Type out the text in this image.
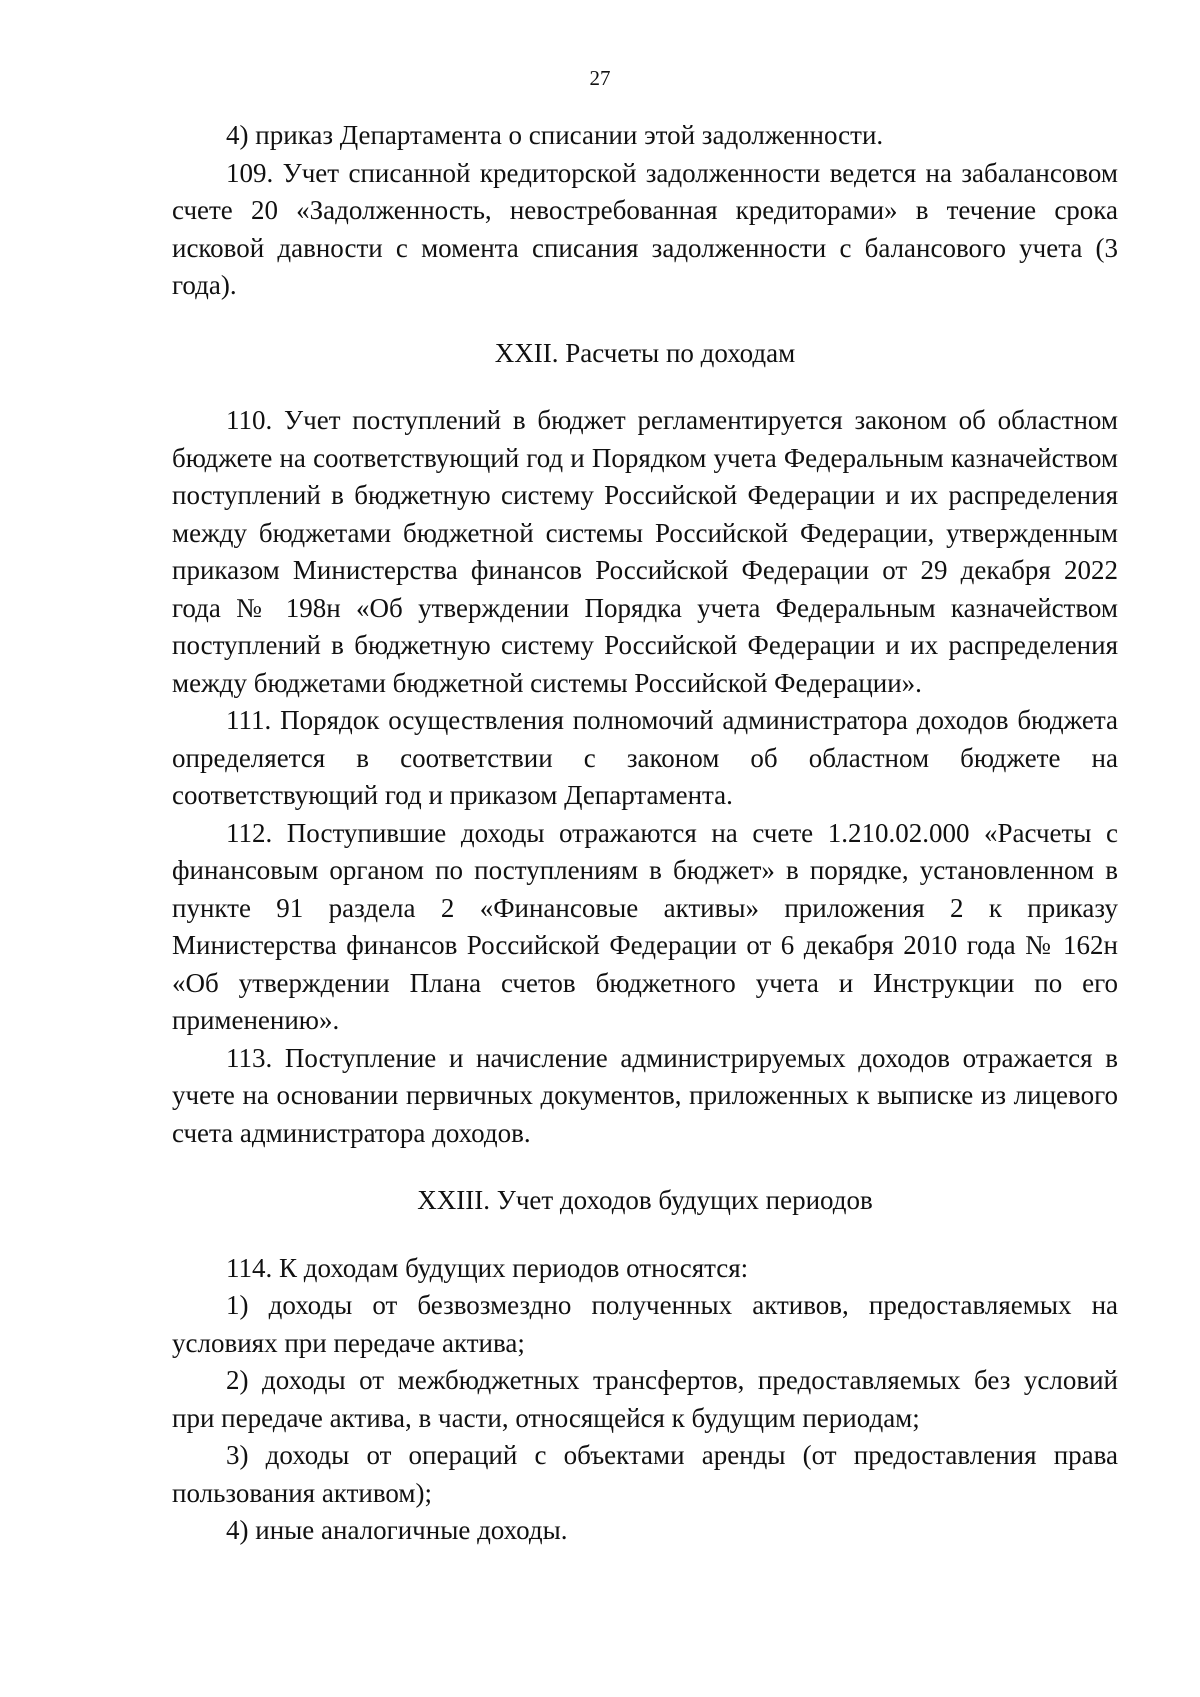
27

4) приказ Департамента о списании этой задолженности.

109. Учет списанной кредиторской задолженности ведется на забалансовом счете 20 «Задолженность, невостребованная кредиторами» в течение срока исковой давности с момента списания задолженности с балансового учета (3 года).

XXII. Расчеты по доходам

110. Учет поступлений в бюджет регламентируется законом об областном бюджете на соответствующий год и Порядком учета Федеральным казначейством поступлений в бюджетную систему Российской Федерации и их распределения между бюджетами бюджетной системы Российской Федерации, утвержденным приказом Министерства финансов Российской Федерации от 29 декабря 2022 года № 198н «Об утверждении Порядка учета Федеральным казначейством поступлений в бюджетную систему Российской Федерации и их распределения между бюджетами бюджетной системы Российской Федерации».

111. Порядок осуществления полномочий администратора доходов бюджета определяется в соответствии с законом об областном бюджете на соответствующий год и приказом Департамента.

112. Поступившие доходы отражаются на счете 1.210.02.000 «Расчеты с финансовым органом по поступлениям в бюджет» в порядке, установленном в пункте 91 раздела 2 «Финансовые активы» приложения 2 к приказу Министерства финансов Российской Федерации от 6 декабря 2010 года № 162н «Об утверждении Плана счетов бюджетного учета и Инструкции по его применению».

113. Поступление и начисление администрируемых доходов отражается в учете на основании первичных документов, приложенных к выписке из лицевого счета администратора доходов.

XXIII. Учет доходов будущих периодов

114. К доходам будущих периодов относятся:

1) доходы от безвозмездно полученных активов, предоставляемых на условиях при передаче актива;

2) доходы от межбюджетных трансфертов, предоставляемых без условий при передаче актива, в части, относящейся к будущим периодам;

3) доходы от операций с объектами аренды (от предоставления права пользования активом);

4) иные аналогичные доходы.
